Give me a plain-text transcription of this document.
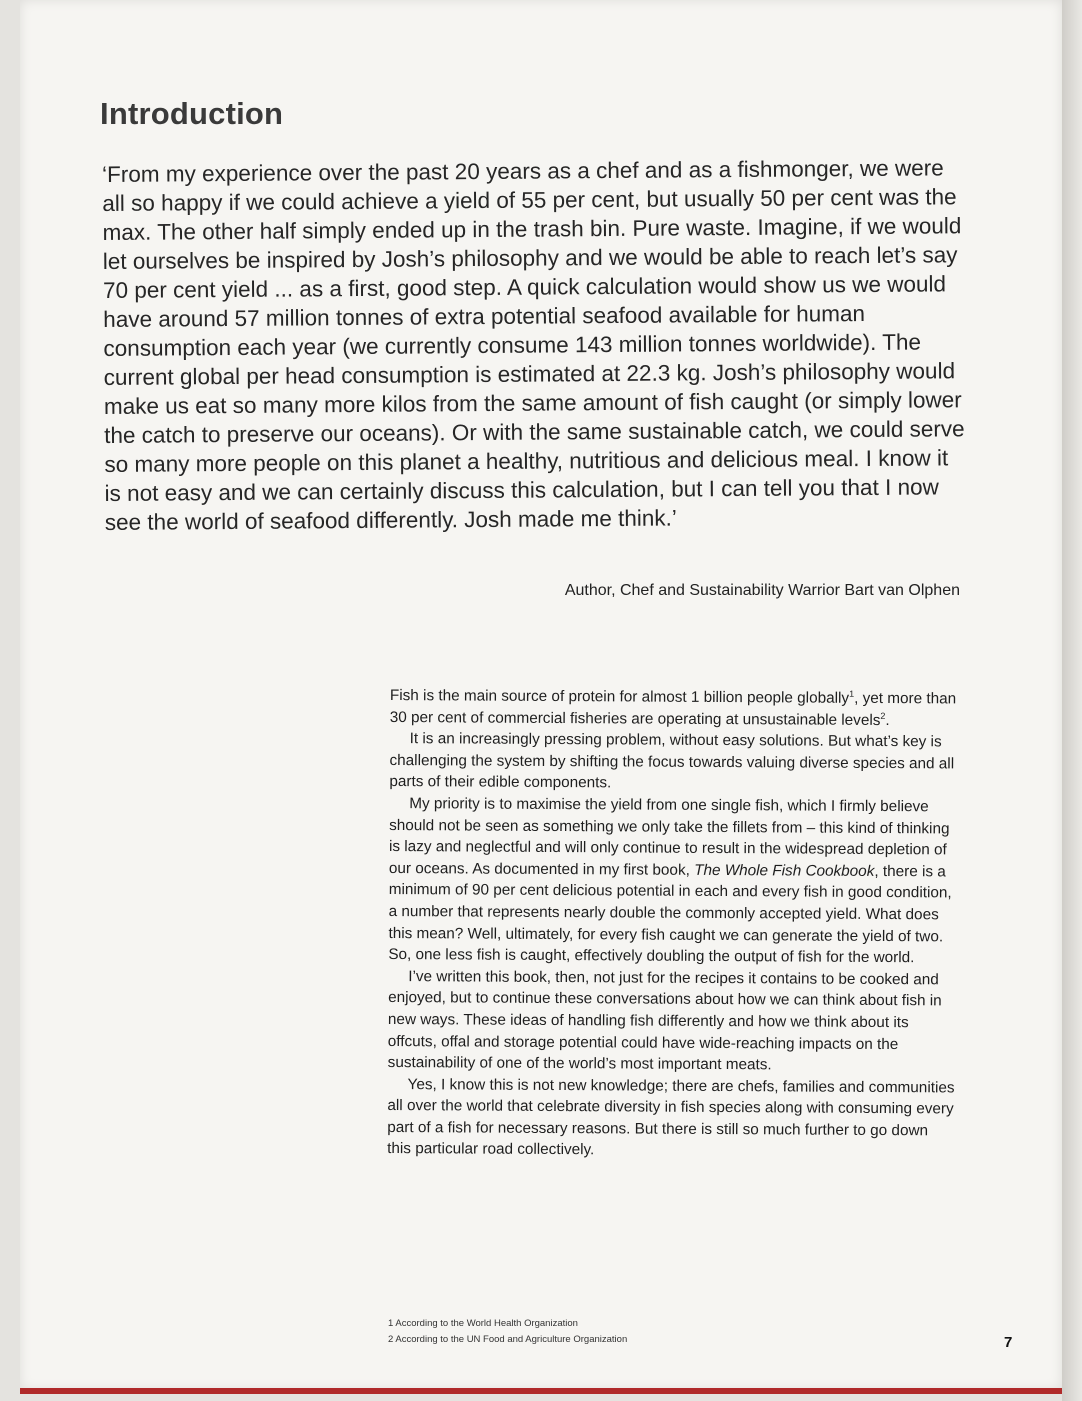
Introduction

‘From my experience over the past 20 years as a chef and as a fishmonger, we were all so happy if we could achieve a yield of 55 per cent, but usually 50 per cent was the max. The other half simply ended up in the trash bin. Pure waste. Imagine, if we would let ourselves be inspired by Josh’s philosophy and we would be able to reach let’s say 70 per cent yield ... as a first, good step. A quick calculation would show us we would have around 57 million tonnes of extra potential seafood available for human consumption each year (we currently consume 143 million tonnes worldwide). The current global per head consumption is estimated at 22.3 kg. Josh’s philosophy would make us eat so many more kilos from the same amount of fish caught (or simply lower the catch to preserve our oceans). Or with the same sustainable catch, we could serve so many more people on this planet a healthy, nutritious and delicious meal. I know it is not easy and we can certainly discuss this calculation, but I can tell you that I now see the world of seafood differently. Josh made me think.’

Author, Chef and Sustainability Warrior Bart van Olphen

Fish is the main source of protein for almost 1 billion people globally$^1$, yet more than 30 per cent of commercial fisheries are operating at unsustainable levels$^2$.

It is an increasingly pressing problem, without easy solutions. But what’s key is challenging the system by shifting the focus towards valuing diverse species and all parts of their edible components.

My priority is to maximise the yield from one single fish, which I firmly believe should not be seen as something we only take the fillets from – this kind of thinking is lazy and neglectful and will only continue to result in the widespread depletion of our oceans. As documented in my first book, The Whole Fish Cookbook, there is a minimum of 90 per cent delicious potential in each and every fish in good condition, a number that represents nearly double the commonly accepted yield. What does this mean? Well, ultimately, for every fish caught we can generate the yield of two. So, one less fish is caught, effectively doubling the output of fish for the world.

I’ve written this book, then, not just for the recipes it contains to be cooked and enjoyed, but to continue these conversations about how we can think about fish in new ways. These ideas of handling fish differently and how we think about its offcuts, offal and storage potential could have wide-reaching impacts on the sustainability of one of the world’s most important meats.

Yes, I know this is not new knowledge; there are chefs, families and communities all over the world that celebrate diversity in fish species along with consuming every part of a fish for necessary reasons. But there is still so much further to go down this particular road collectively.

1 According to the World Health Organization
2 According to the UN Food and Agriculture Organization	7
